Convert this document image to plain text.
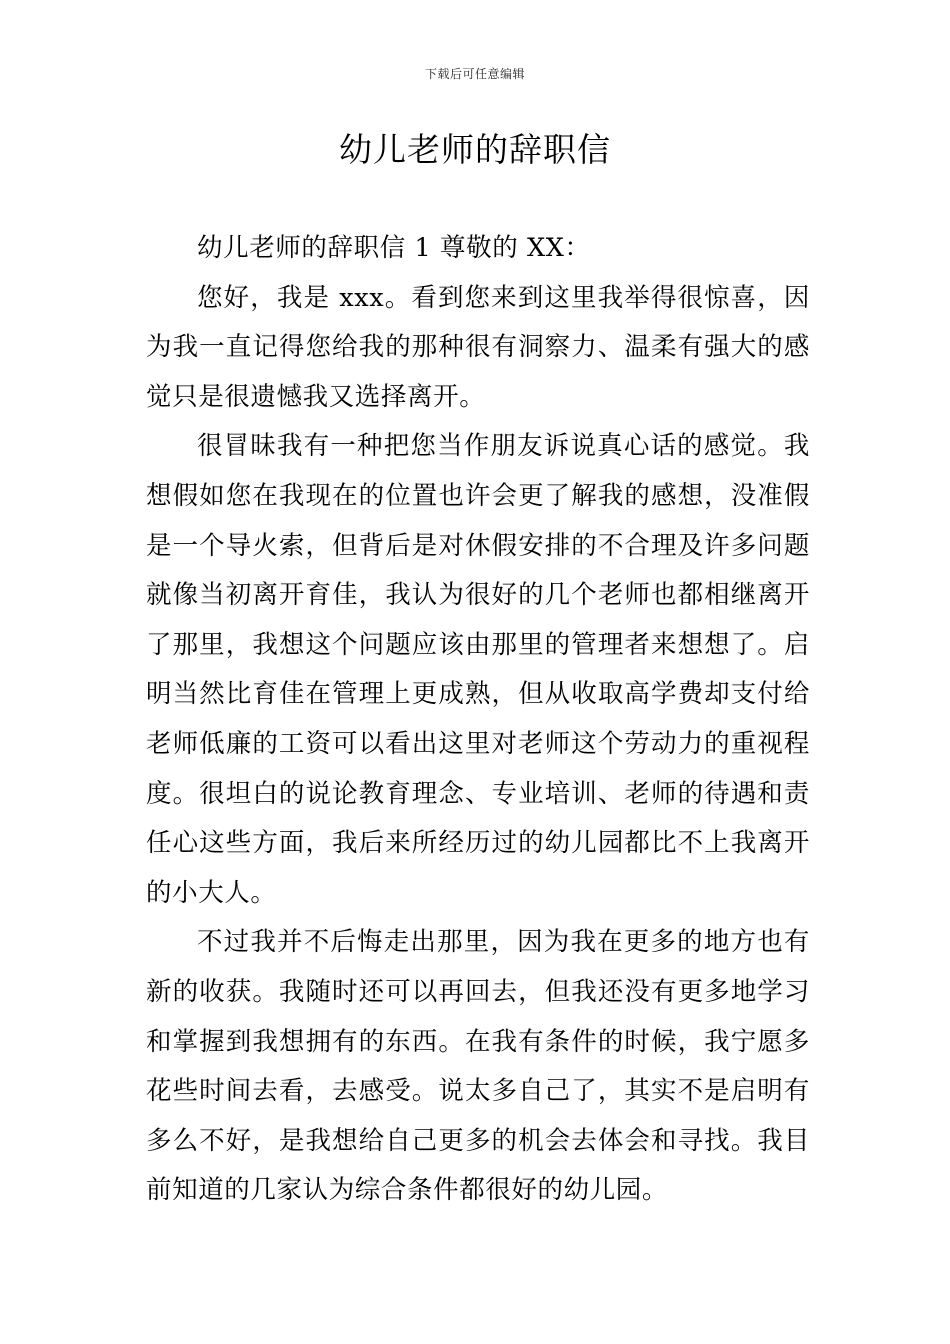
下载后可任意编辑
幼儿老师的辞职信

幼儿老师的辞职信 1 尊敬的 XX：

您好，我是 xxx。看到您来到这里我举得很惊喜，因为我一直记得您给我的那种很有洞察力、温柔有强大的感觉只是很遗憾我又选择离开。

很冒昧我有一种把您当作朋友诉说真心话的感觉。我想假如您在我现在的位置也许会更了解我的感想，没准假是一个导火索，但背后是对休假安排的不合理及许多问题就像当初离开育佳，我认为很好的几个老师也都相继离开了那里，我想这个问题应该由那里的管理者来想想了。启明当然比育佳在管理上更成熟，但从收取高学费却支付给老师低廉的工资可以看出这里对老师这个劳动力的重视程度。很坦白的说论教育理念、专业培训、老师的待遇和责任心这些方面，我后来所经历过的幼儿园都比不上我离开的小大人。

不过我并不后悔走出那里，因为我在更多的地方也有新的收获。我随时还可以再回去，但我还没有更多地学习和掌握到我想拥有的东西。在我有条件的时候，我宁愿多花些时间去看，去感受。说太多自己了，其实不是启明有多么不好，是我想给自己更多的机会去体会和寻找。我目前知道的几家认为综合条件都很好的幼儿园。
